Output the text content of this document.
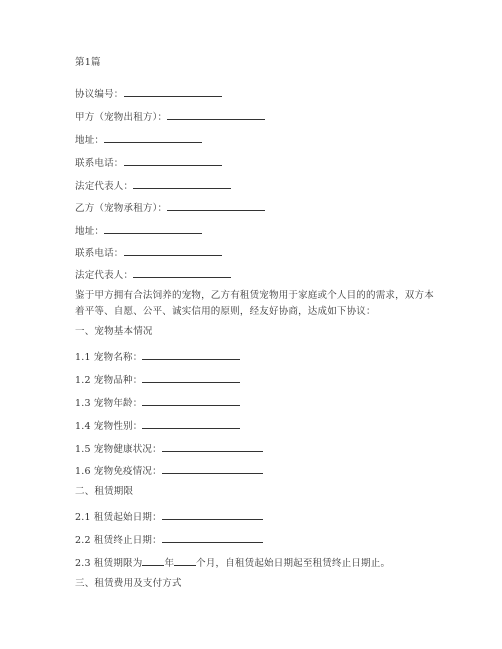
第1篇
协议编号：
甲方（宠物出租方）：
地址：
联系电话：
法定代表人：
乙方（宠物承租方）：
地址：
联系电话：
法定代表人：
鉴于甲方拥有合法饲养的宠物，乙方有租赁宠物用于家庭或个人目的的需求，双方本着平等、自愿、公平、诚实信用的原则，经友好协商，达成如下协议：
一、宠物基本情况
1.1 宠物名称：
1.2 宠物品种：
1.3 宠物年龄：
1.4 宠物性别：
1.5 宠物健康状况：
1.6 宠物免疫情况：
二、租赁期限
2.1 租赁起始日期：
2.2 租赁终止日期：
2.3 租赁期限为 年 个月，自租赁起始日期起至租赁终止日期止。
三、租赁费用及支付方式
